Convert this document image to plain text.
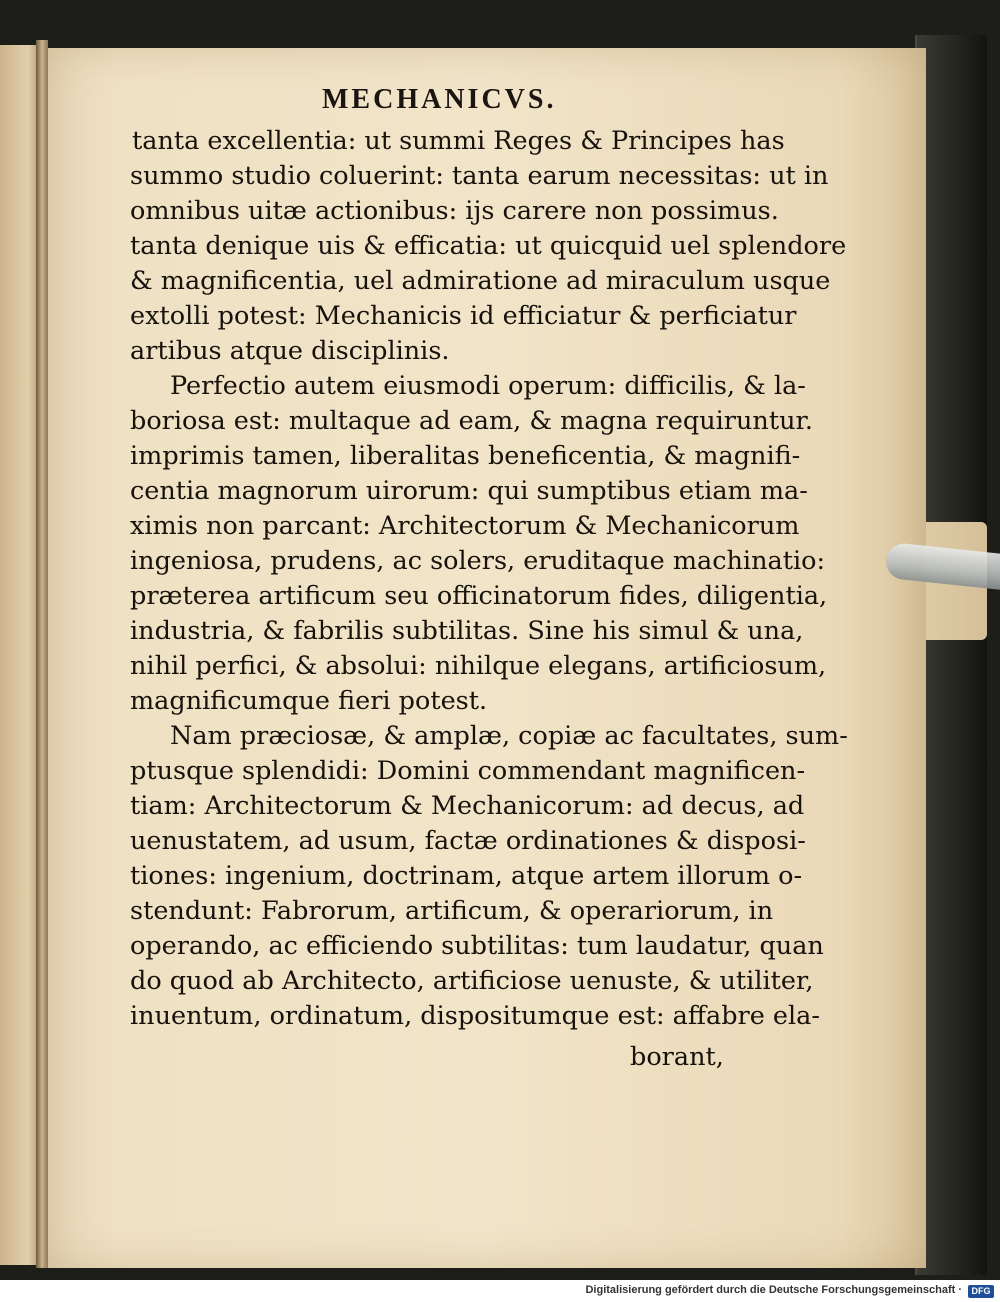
MECHANICVS.

tanta excellentia: ut summi Reges & Principes has

summo studio coluerint: tanta earum necessitas: ut in

omnibus uitæ actionibus: ijs carere non possimus.

tanta denique uis & efficatia: ut quicquid uel splendore

& magnificentia, uel admiratione ad miraculum usque

extolli potest: Mechanicis id efficiatur & perficiatur

artibus atque disciplinis.

Perfectio autem eiusmodi operum: difficilis, & la-

boriosa est: multaque ad eam, & magna requiruntur.

imprimis tamen, liberalitas beneficentia, & magnifi-

centia magnorum uirorum: qui sumptibus etiam ma-

ximis non parcant: Architectorum & Mechanicorum

ingeniosa, prudens, ac solers, eruditaque machinatio:

præterea artificum seu officinatorum fides, diligentia,

industria, & fabrilis subtilitas. Sine his simul & una,

nihil perfici, & absolui: nihilque elegans, artificiosum,

magnificumque fieri potest.

Nam præciosæ, & amplæ, copiæ ac facultates, sum-

ptusque splendidi: Domini commendant magnificen-

tiam: Architectorum & Mechanicorum: ad decus, ad

uenustatem, ad usum, factæ ordinationes & disposi-

tiones: ingenium, doctrinam, atque artem illorum o-

stendunt: Fabrorum, artificum, & operariorum, in

operando, ac efficiendo subtilitas: tum laudatur, quan

do quod ab Architecto, artificiose uenuste, & utiliter,

inuentum, ordinatum, dispositumque est: affabre ela-

borant,

Digitalisierung gefördert durch die Deutsche Forschungsgemeinschaft ·	DFG
